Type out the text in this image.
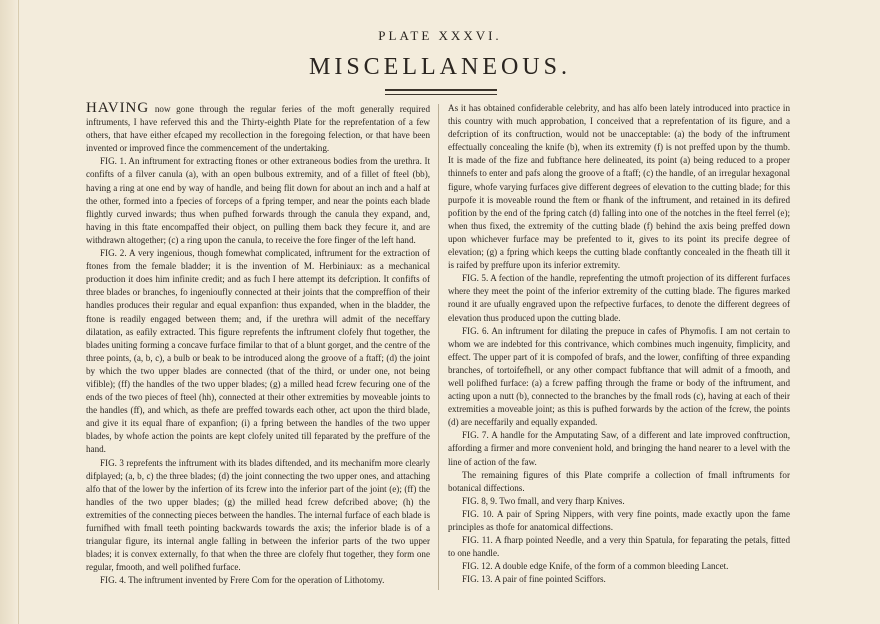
PLATE XXXVI.
MISCELLANEOUS.

HAVING now gone through the regular feries of the moft generally required inftruments, I have referved this and the Thirty-eighth Plate for the reprefentation of a few others, that have either efcaped my recollection in the foregoing felection, or that have been invented or improved fince the commencement of the undertaking.

FIG. 1. An inftrument for extracting ftones or other extraneous bodies from the urethra. It confifts of a filver canula (a), with an open bulbous extremity, and of a fillet of fteel (bb), having a ring at one end by way of handle, and being flit down for about an inch and a half at the other, formed into a fpecies of forceps of a fpring temper, and near the points each blade flightly curved inwards; thus when pufhed forwards through the canula they expand, and, having in this ftate encompaffed their object, on pulling them back they fecure it, and are withdrawn altogether; (c) a ring upon the canula, to receive the fore finger of the left hand.

FIG. 2. A very ingenious, though fomewhat complicated, inftrument for the extraction of ftones from the female bladder; it is the invention of M. Herbiniaux: as a mechanical production it does him infinite credit; and as fuch I here attempt its defcription. It confifts of three blades or branches, fo ingenioufly connected at their joints that the compreffion of their handles produces their regular and equal expanfion: thus expanded, when in the bladder, the ftone is readily engaged between them; and, if the urethra will admit of the neceffary dilatation, as eafily extracted. This figure reprefents the inftrument clofely fhut together, the blades uniting forming a concave furface fimilar to that of a blunt gorget, and the centre of the three points, (a, b, c), a bulb or beak to be introduced along the groove of a ftaff; (d) the joint by which the two upper blades are connected (that of the third, or under one, not being vifible); (ff) the handles of the two upper blades; (g) a milled head fcrew fecuring one of the ends of the two pieces of fteel (hh), connected at their other extremities by moveable joints to the handles (ff), and which, as thefe are preffed towards each other, act upon the third blade, and give it its equal fhare of expanfion; (i) a fpring between the handles of the two upper blades, by whofe action the points are kept clofely united till feparated by the preffure of the hand.

FIG. 3 reprefents the inftrument with its blades diftended, and its mechanifm more clearly difplayed; (a, b, c) the three blades; (d) the joint connecting the two upper ones, and attaching alfo that of the lower by the infertion of its fcrew into the inferior part of the joint (e); (ff) the handles of the two upper blades; (g) the milled head fcrew defcribed above; (h) the extremities of the connecting pieces between the handles. The internal furface of each blade is furnifhed with fmall teeth pointing backwards towards the axis; the inferior blade is of a triangular figure, its internal angle falling in between the inferior parts of the two upper blades; it is convex externally, fo that when the three are clofely fhut together, they form one regular, fmooth, and well polifhed furface.

FIG. 4. The inftrument invented by Frere Com for the operation of Lithotomy.

As it has obtained confiderable celebrity, and has alfo been lately introduced into practice in this country with much approbation, I conceived that a reprefentation of its figure, and a defcription of its conftruction, would not be unacceptable: (a) the body of the inftrument effectually concealing the knife (b), when its extremity (f) is not preffed upon by the thumb. It is made of the fize and fubftance here delineated, its point (a) being reduced to a proper thinnefs to enter and pafs along the groove of a ftaff; (c) the handle, of an irregular hexagonal figure, whofe varying furfaces give different degrees of elevation to the cutting blade; for this purpofe it is moveable round the ftem or fhank of the inftrument, and retained in its defired pofition by the end of the fpring catch (d) falling into one of the notches in the fteel ferrel (e); when thus fixed, the extremity of the cutting blade (f) behind the axis being preffed down upon whichever furface may be prefented to it, gives to its point its precife degree of elevation; (g) a fpring which keeps the cutting blade conftantly concealed in the fheath till it is raifed by preffure upon its inferior extremity.

FIG. 5. A fection of the handle, reprefenting the utmoft projection of its different furfaces where they meet the point of the inferior extremity of the cutting blade. The figures marked round it are ufually engraved upon the refpective furfaces, to denote the different degrees of elevation thus produced upon the cutting blade.

FIG. 6. An inftrument for dilating the prepuce in cafes of Phymofis. I am not certain to whom we are indebted for this contrivance, which combines much ingenuity, fimplicity, and effect. The upper part of it is compofed of brafs, and the lower, confifting of three expanding branches, of tortoifefhell, or any other compact fubftance that will admit of a fmooth, and well polifhed furface: (a) a fcrew paffing through the frame or body of the inftrument, and acting upon a nutt (b), connected to the branches by the fmall rods (c), having at each of their extremities a moveable joint; as this is pufhed forwards by the action of the fcrew, the points (d) are neceffarily and equally expanded.

FIG. 7. A handle for the Amputating Saw, of a different and late improved conftruction, affording a firmer and more convenient hold, and bringing the hand nearer to a level with the line of action of the faw.

The remaining figures of this Plate comprife a collection of fmall inftruments for botanical diffections.

FIG. 8, 9. Two fmall, and very fharp Knives.

FIG. 10. A pair of Spring Nippers, with very fine points, made exactly upon the fame principles as thofe for anatomical diffections.

FIG. 11. A fharp pointed Needle, and a very thin Spatula, for feparating the petals, fitted to one handle.

FIG. 12. A double edge Knife, of the form of a common bleeding Lancet.

FIG. 13. A pair of fine pointed Sciffors.
